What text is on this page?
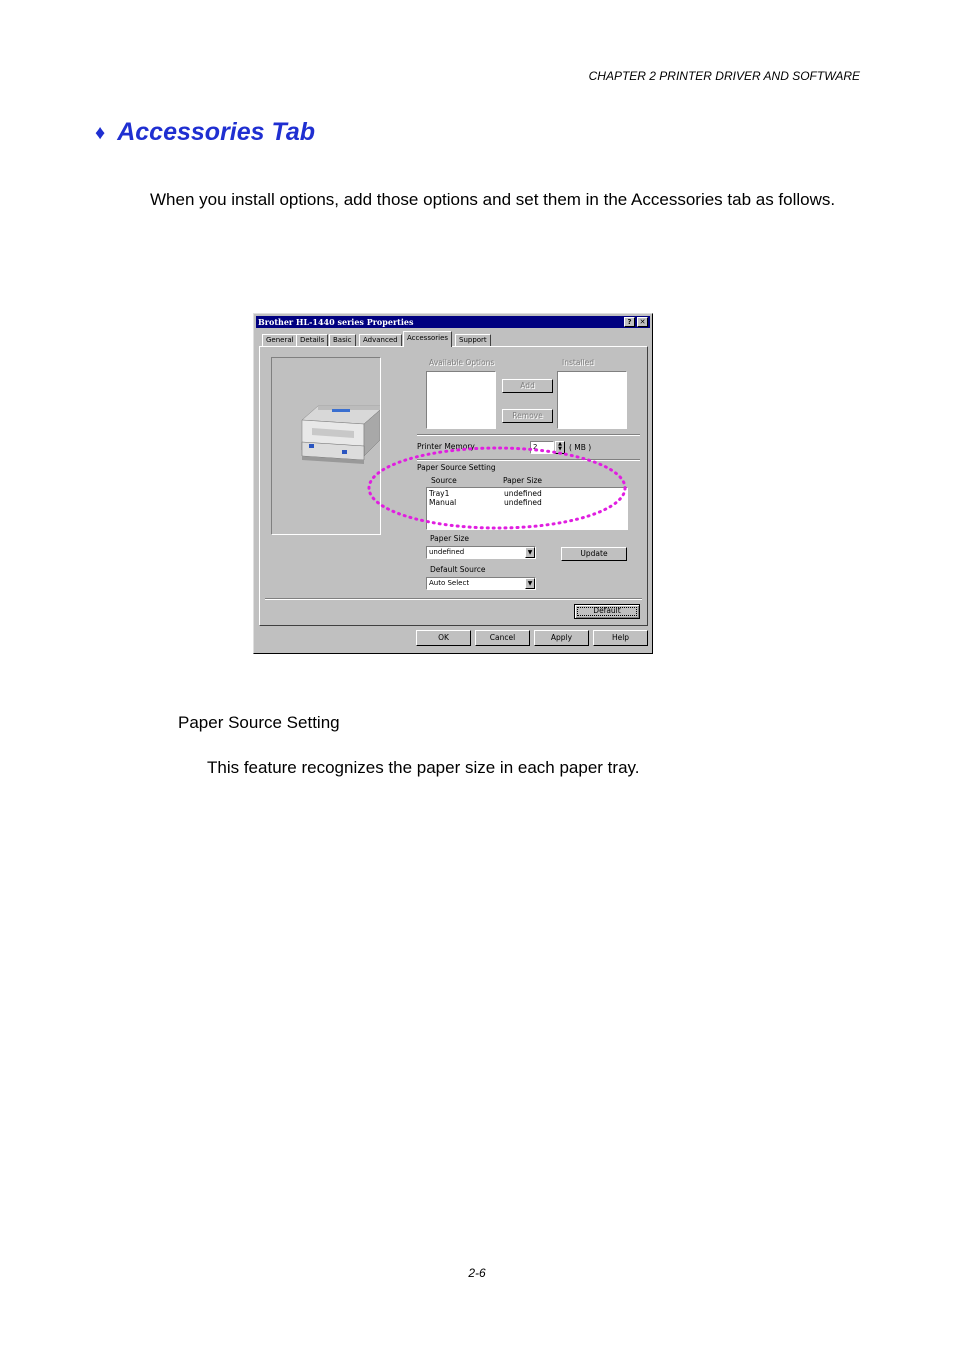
CHAPTER 2 PRINTER DRIVER AND SOFTWARE
♦ Accessories Tab
When you install options, add those options and set them in the Accessories tab as follows.
Brother HL-1440 series Properties	?	✕
General Details	Basic	Advanced	Accessories	Support
Available Options	Installed
Add
Remove
Printer Memory	2	▲
▼ ( MB )
Paper Source Setting
Source	Paper Size
Tray1	undefined
Manual	undefined
Paper Size
undefined	▼	Update
Default Source
Auto Select	▼
Default
OK	Cancel	Apply	Help
Paper Source Setting
This feature recognizes the paper size in each paper tray.
2-6
